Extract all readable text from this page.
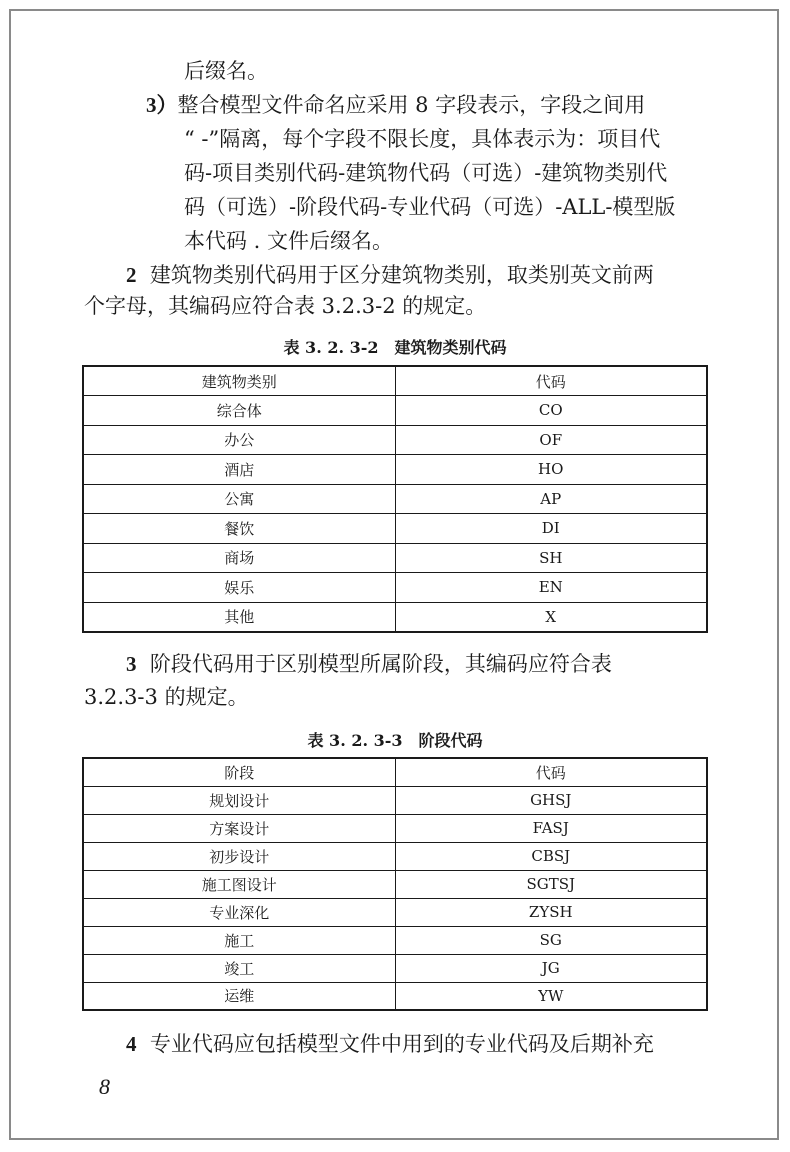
后缀名。
3）整合模型文件命名应采用 8 字段表示，字段之间用
“ -”隔离，每个字段不限长度，具体表示为：项目代
码-项目类别代码-建筑物代码（可选）-建筑物类别代
码（可选）-阶段代码-专业代码（可选）-ALL-模型版
本代码 . 文件后缀名。
2 建筑物类别代码用于区分建筑物类别，取类别英文前两
个字母，其编码应符合表 3.2.3-2 的规定。
表 3. 2. 3-2　建筑物类别代码
建筑物类别	代码
综合体	CO
办公	OF
酒店	HO
公寓	AP
餐饮	DI
商场	SH
娱乐	EN
其他	X
3 阶段代码用于区别模型所属阶段，其编码应符合表
3.2.3-3 的规定。
表 3. 2. 3-3　阶段代码
阶段	代码
规划设计	GHSJ
方案设计	FASJ
初步设计	CBSJ
施工图设计	SGTSJ
专业深化	ZYSH
施工	SG
竣工	JG
运维	YW
4 专业代码应包括模型文件中用到的专业代码及后期补充
8
